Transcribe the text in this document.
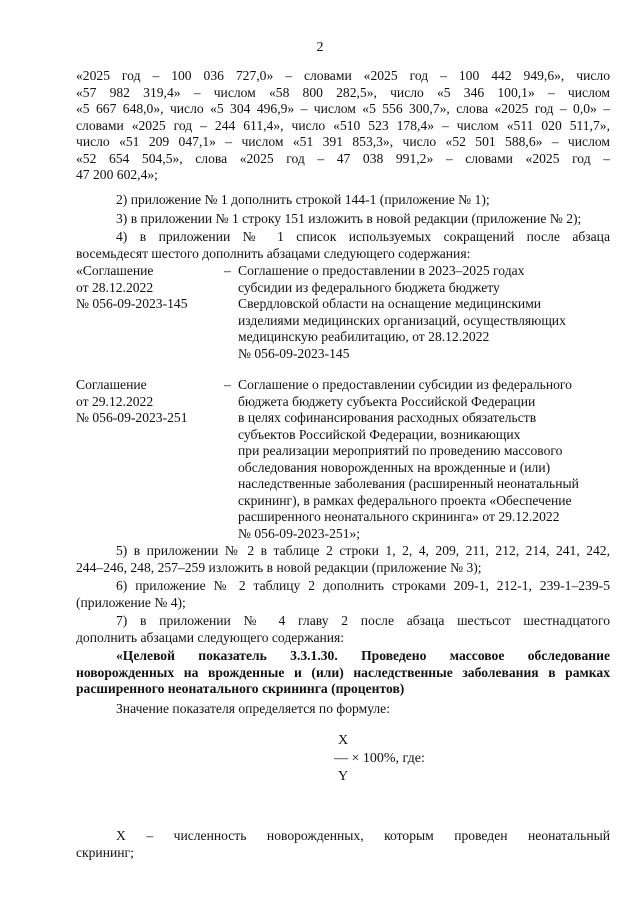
2

«2025 год – 100 036 727,0» – словами «2025 год – 100 442 949,6», число

«57 982 319,4» – числом «58 800 282,5», число «5 346 100,1» – числом

«5 667 648,0», число «5 304 496,9» – числом «5 556 300,7», слова «2025 год – 0,0» –

словами «2025 год – 244 611,4», число «510 523 178,4» – числом «511 020 511,7»,

число «51 209 047,1» – числом «51 391 853,3», число «52 501 588,6» – числом

«52 654 504,5», слова «2025 год – 47 038 991,2» – словами «2025 год –

47 200 602,4»;

2) приложение № 1 дополнить строкой 144-1 (приложение № 1);

3) в приложении № 1 строку 151 изложить в новой редакции (приложение № 2);

4) в приложении № 1 список используемых сокращений после абзаца

восемьдесят шестого дополнить абзацами следующего содержания:

«Соглашение
от 28.12.2022
№ 056-09-2023-145
– Соглашение о предоставлении в 2023–2025 годах
субсидии из федерального бюджета бюджету
Свердловской области на оснащение медицинскими
изделиями медицинских организаций, осуществляющих
медицинскую реабилитацию, от 28.12.2022
№ 056-09-2023-145
Соглашение
от 29.12.2022
№ 056-09-2023-251
– Соглашение о предоставлении субсидии из федерального
бюджета бюджету субъекта Российской Федерации
в целях софинансирования расходных обязательств
субъектов Российской Федерации, возникающих
при реализации мероприятий по проведению массового
обследования новорожденных на врожденные и (или)
наследственные заболевания (расширенный неонатальный
скрининг), в рамках федерального проекта «Обеспечение
расширенного неонатального скрининга» от 29.12.2022
№ 056-09-2023-251»;

5) в приложении № 2 в таблице 2 строки 1, 2, 4, 209, 211, 212, 214, 241, 242,

244–246, 248, 257–259 изложить в новой редакции (приложение № 3);

6) приложение № 2 таблицу 2 дополнить строками 209-1, 212-1, 239-1–239-5

(приложение № 4);

7) в приложении № 4 главу 2 после абзаца шестьсот шестнадцатого

дополнить абзацами следующего содержания:

«Целевой показатель 3.3.1.30. Проведено массовое обследование

новорожденных на врожденные и (или) наследственные заболевания в рамках

расширенного неонатального скрининга (процентов)

Значение показателя определяется по формуле:

X
— × 100%, где:
Y

X – численность новорожденных, которым проведен неонатальный

скрининг;
